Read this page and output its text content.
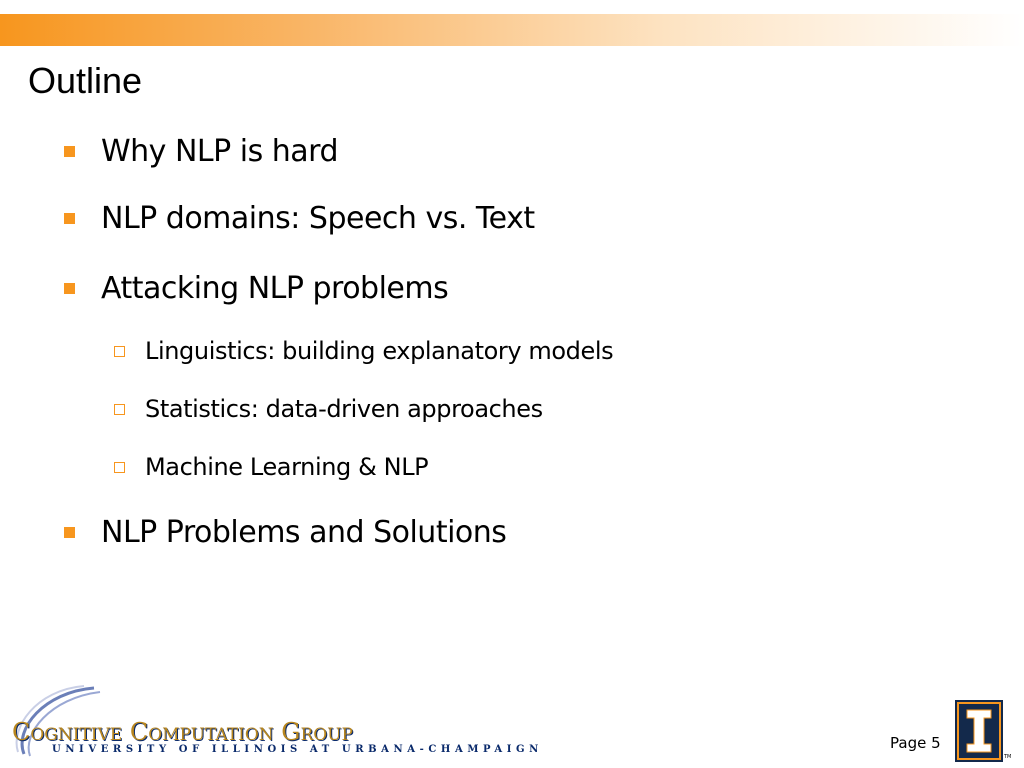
Outline
Why NLP is hard
NLP domains: Speech vs. Text
Attacking NLP problems
Linguistics: building explanatory models
Statistics: data-driven approaches
Machine Learning & NLP
NLP Problems and Solutions
Cognitive Computation Group
UNIVERSITY OF ILLINOIS AT URBANA-CHAMPAIGN	Page 5
TM
